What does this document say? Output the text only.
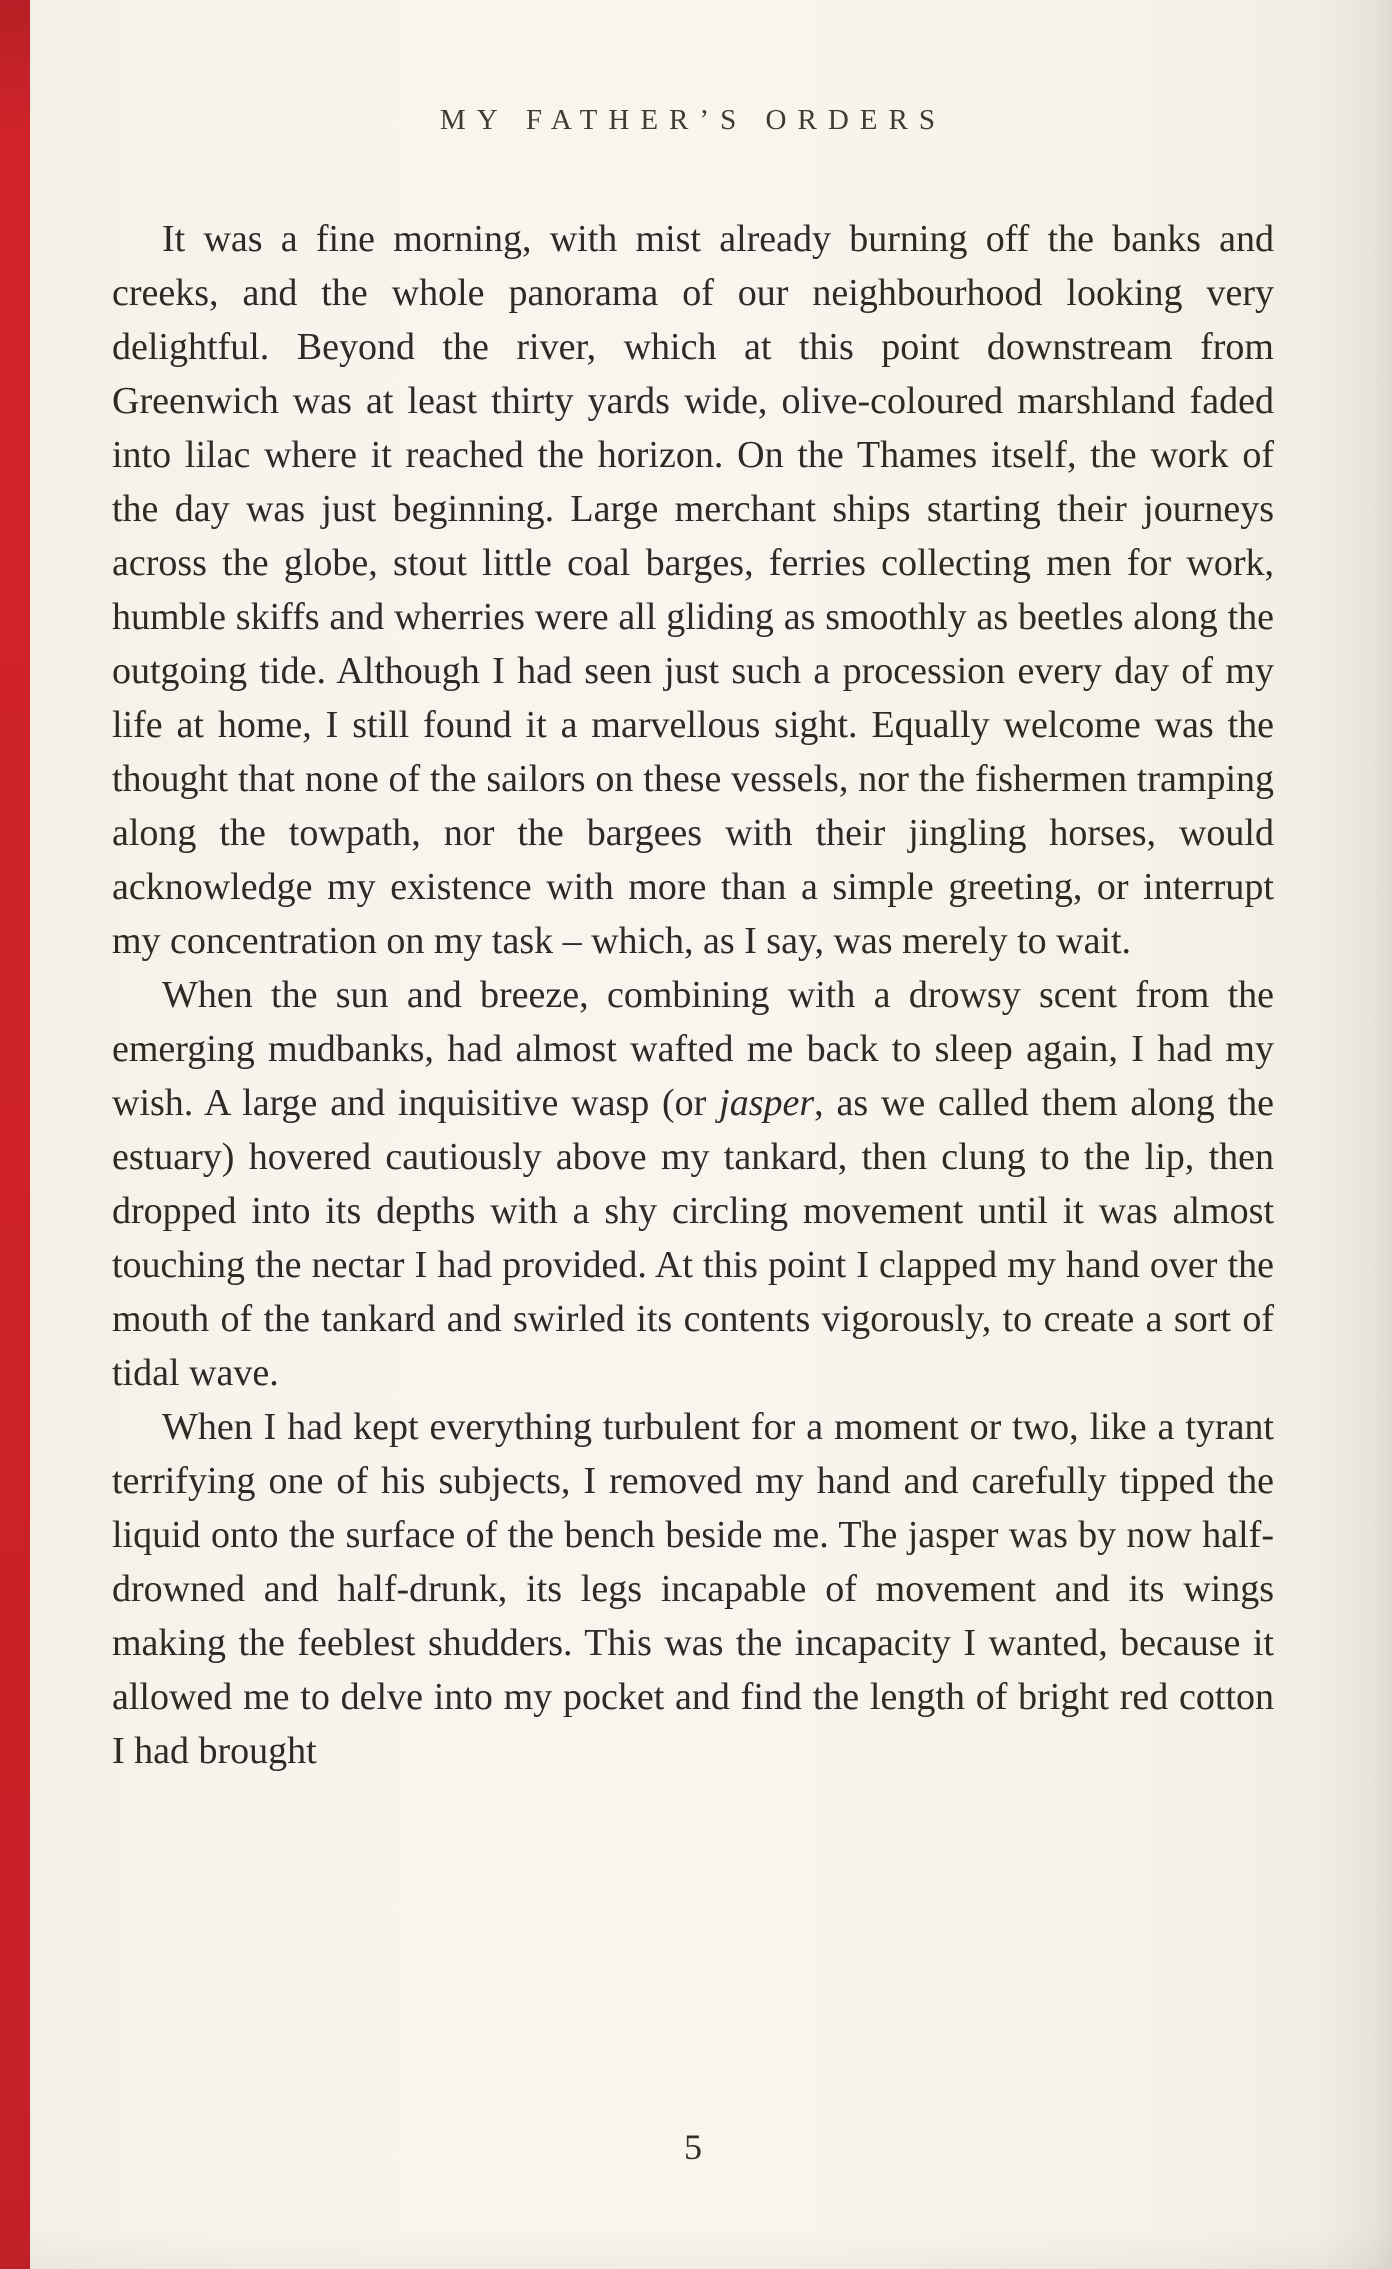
MY FATHER’S ORDERS

It was a fine morning, with mist already burning off the banks and creeks, and the whole panorama of our neighbourhood looking very delightful. Beyond the river, which at this point downstream from Greenwich was at least thirty yards wide, olive-coloured marshland faded into lilac where it reached the horizon. On the Thames itself, the work of the day was just beginning. Large merchant ships starting their journeys across the globe, stout little coal barges, ferries collecting men for work, humble skiffs and wherries were all gliding as smoothly as beetles along the outgoing tide. Although I had seen just such a procession every day of my life at home, I still found it a marvellous sight. Equally welcome was the thought that none of the sailors on these vessels, nor the fishermen tramping along the towpath, nor the bargees with their jingling horses, would acknowledge my existence with more than a simple greeting, or interrupt my concentration on my task – which, as I say, was merely to wait.

When the sun and breeze, combining with a drowsy scent from the emerging mudbanks, had almost wafted me back to sleep again, I had my wish. A large and inquisitive wasp (or jasper, as we called them along the estuary) hovered cautiously above my tankard, then clung to the lip, then dropped into its depths with a shy circling movement until it was almost touching the nectar I had provided. At this point I clapped my hand over the mouth of the tankard and swirled its contents vigorously, to create a sort of tidal wave.

When I had kept everything turbulent for a moment or two, like a tyrant terrifying one of his subjects, I removed my hand and carefully tipped the liquid onto the surface of the bench beside me. The jasper was by now half-drowned and half-drunk, its legs incapable of movement and its wings making the feeblest shudders. This was the incapacity I wanted, because it allowed me to delve into my pocket and find the length of bright red cotton I had brought

5
